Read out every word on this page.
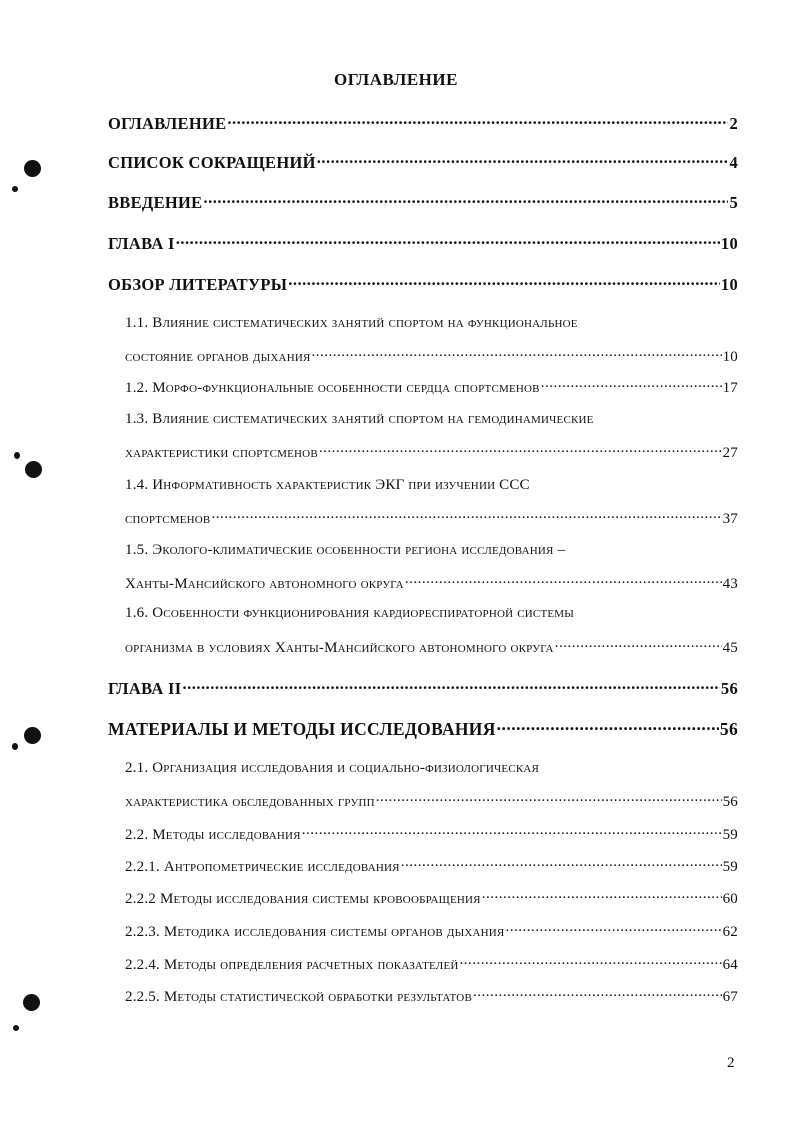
ОГЛАВЛЕНИЕ
ОГЛАВЛЕНИЕ .....	2
СПИСОК СОКРАЩЕНИЙ .....	4
ВВЕДЕНИЕ .....	5
ГЛАВА I .....	10
ОБЗОР ЛИТЕРАТУРЫ .....	10
1.1. Влияние систематических занятий спортом на функциональное
состояние органов дыхания .....	10
1.2. Морфо-функциональные особенности сердца спортсменов .....	17
1.3. Влияние систематических занятий спортом на гемодинамические
характеристики спортсменов .....	27
1.4. Информативность характеристик ЭКГ при изучении ССС
спортсменов .....	37
1.5. Эколого-климатические особенности региона исследования –
Ханты-Мансийского автономного округа .....	43
1.6. Особенности функционирования кардиореспираторной системы
организма в условиях Ханты-Мансийского автономного округа .....	45
ГЛАВА II .....	56
МАТЕРИАЛЫ И МЕТОДЫ ИССЛЕДОВАНИЯ .....	56
2.1. Организация исследования и социально-физиологическая
характеристика обследованных групп .....	56
2.2. Методы исследования .....	59
2.2.1. Антропометрические исследования .....	59
2.2.2 Методы исследования системы кровообращения .....	60
2.2.3. Методика исследования системы органов дыхания .....	62
2.2.4. Методы определения расчетных показателей .....	64
2.2.5. Методы статистической обработки результатов .....	67
2
